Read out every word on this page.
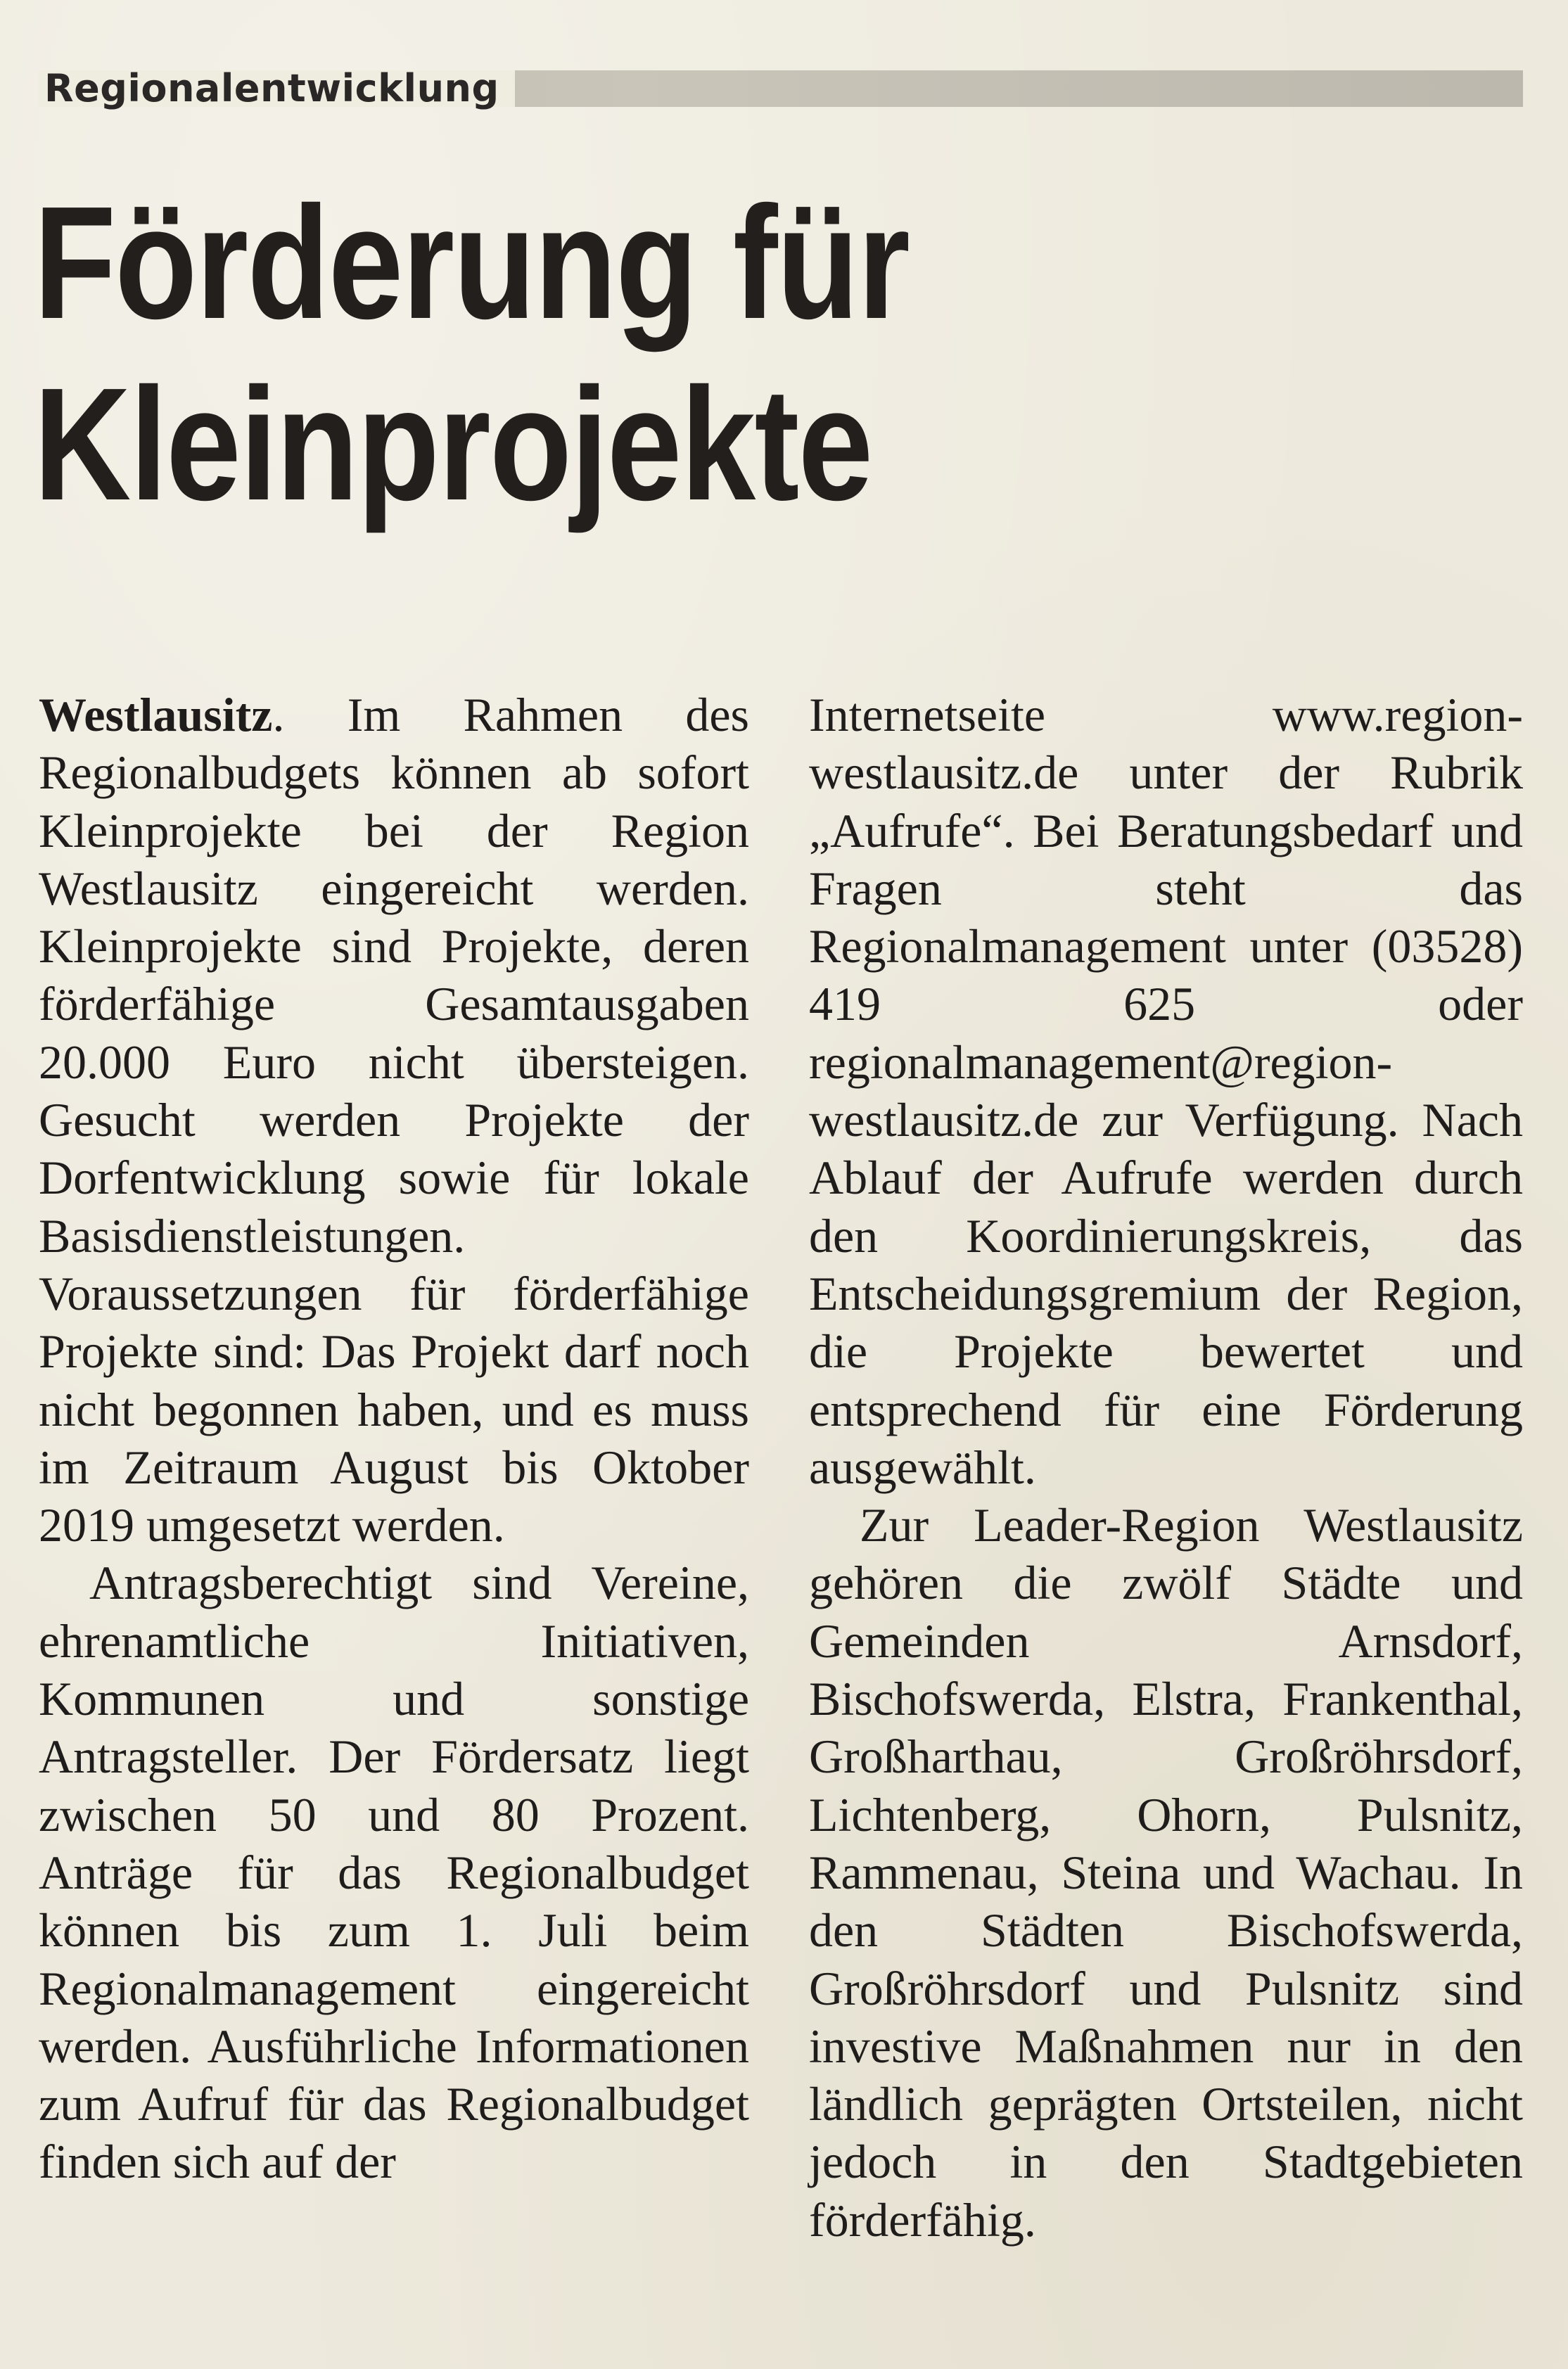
Regionalentwicklung
Förderung für
Kleinprojekte

Westlausitz. Im Rahmen des Regionalbudgets können ab sofort Kleinprojekte bei der Region Westlausitz eingereicht werden. Kleinprojekte sind Projekte, deren förderfähige Gesamtausgaben 20.000 Euro nicht übersteigen. Gesucht werden Projekte der Dorfentwicklung sowie für lokale Basisdienstleistungen. Voraussetzungen für förderfähige Projekte sind: Das Projekt darf noch nicht begonnen haben, und es muss im Zeitraum August bis Oktober 2019 umgesetzt werden.

Antragsberechtigt sind Vereine, ehrenamtliche Initiativen, Kommunen und sonstige Antragsteller. Der Fördersatz liegt zwischen 50 und 80 Prozent. Anträge für das Regionalbudget können bis zum 1. Juli beim Regionalmanagement eingereicht werden. Ausführliche Informationen zum Aufruf für das Regionalbudget finden sich auf der

Internetseite www.region-westlausitz.de unter der Rubrik „Aufrufe“. Bei Beratungsbedarf und Fragen steht das Regionalmanagement unter (03528) 419 625 oder regionalmanagement@region-westlausitz.de zur Verfügung. Nach Ablauf der Aufrufe werden durch den Koordinierungskreis, das Entscheidungsgremium der Region, die Projekte bewertet und entsprechend für eine Förderung ausgewählt.

Zur Leader-Region Westlausitz gehören die zwölf Städte und Gemeinden Arnsdorf, Bischofswerda, Elstra, Frankenthal, Großharthau, Großröhrsdorf, Lichtenberg, Ohorn, Pulsnitz, Rammenau, Steina und Wachau. In den Städten Bischofswerda, Großröhrsdorf und Pulsnitz sind investive Maßnahmen nur in den ländlich geprägten Ortsteilen, nicht jedoch in den Stadtgebieten förderfähig.
